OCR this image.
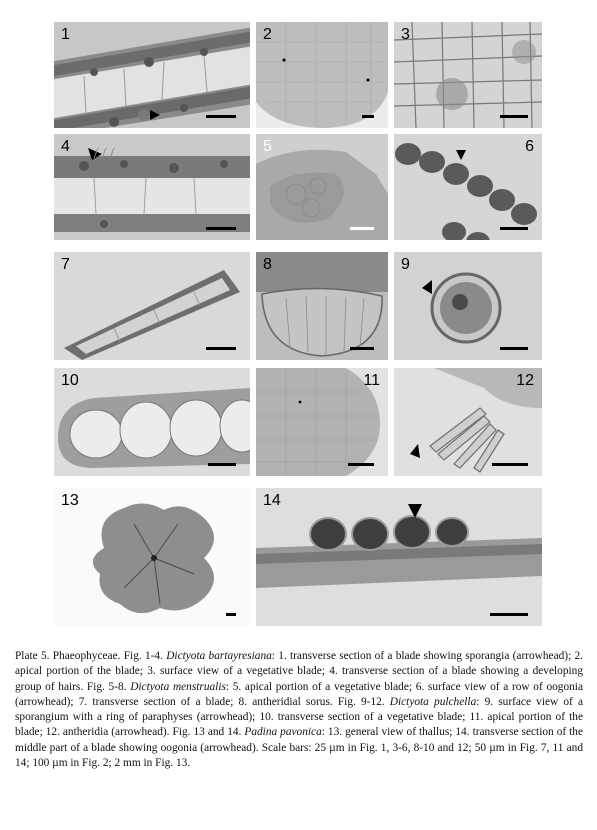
1	2	3
4	5	6
7	8	9
10	11	12
13	14
Plate 5. Phaeophyceae. Fig. 1-4. Dictyota bartayresiana: 1. transverse section of a blade showing sporangia (arrowhead); 2. apical portion of the blade; 3. surface view of a vegetative blade; 4. transverse section of a blade showing a developing group of hairs. Fig. 5-8. Dictyota menstrualis: 5. apical portion of a vegetative blade; 6. surface view of a row of oogonia (arrowhead); 7. transverse section of a blade; 8. antheridial sorus. Fig. 9-12. Dictyota pulchella: 9. surface view of a sporangium with a ring of paraphyses (arrowhead); 10. transverse section of a vegetative blade; 11. apical portion of the blade; 12. antheridia (arrowhead). Fig. 13 and 14. Padina pavonica: 13. general view of thallus; 14. transverse section of the middle part of a blade showing oogonia (arrowhead). Scale bars: 25 µm in Fig. 1, 3-6, 8-10 and 12; 50 µm in Fig. 7, 11 and 14; 100 µm in Fig. 2; 2 mm in Fig. 13.
